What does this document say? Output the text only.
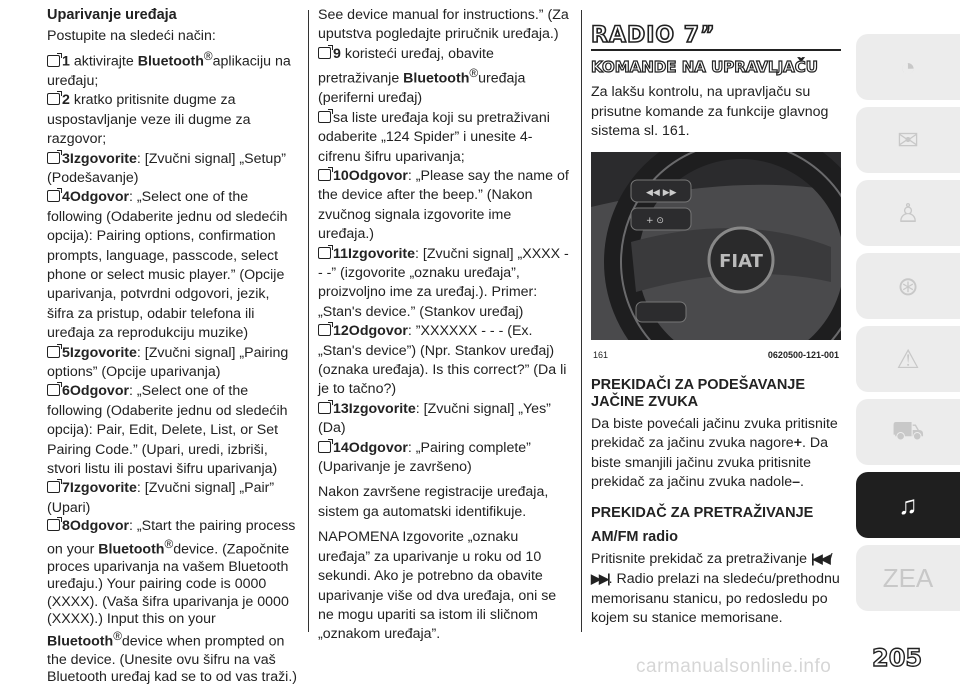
Uparivanje uređaja

Postupite na sledeći način:

1 aktivirajte Bluetooth®aplikaciju na uređaju;

2 kratko pritisnite dugme za uspostavljanje veze ili dugme za razgovor;

3Izgovorite: [Zvučni signal] „Setup” (Podešavanje)

4Odgovor: „Select one of the following (Odaberite jednu od sledećih opcija): Pairing options, confirmation prompts, language, passcode, select phone or select music player.” (Opcije uparivanja, potvrdni odgovori, jezik, šifra za pristup, odabir telefona ili uređaja za reprodukciju muzike)

5Izgovorite: [Zvučni signal] „Pairing options” (Opcije uparivanja)

6Odgovor: „Select one of the following (Odaberite jednu od sledećih opcija): Pair, Edit, Delete, List, or Set Pairing Code.” (Upari, uredi, izbriši, stvori listu ili postavi šifru uparivanja)

7Izgovorite: [Zvučni signal] „Pair” (Upari)

8Odgovor: „Start the pairing process on your Bluetooth®device. (Započnite proces uparivanja na vašem Bluetooth uređaju.) Your pairing code is 0000 (XXXX). (Vaša šifra uparivanja je 0000 (XXXX).) Input this on your Bluetooth®device when prompted on the device. (Unesite ovu šifru na vaš Bluetooth uređaj kad se to od vas traži.)

See device manual for instructions.” (Za uputstva pogledajte priručnik uređaja.)

9 koristeći uređaj, obavite pretraživanje Bluetooth®uređaja (periferni uređaj)

sa liste uređaja koji su pretraživani odaberite „124 Spider” i unesite 4-cifrenu šifru uparivanja;

10Odgovor: „Please say the name of the device after the beep.” (Nakon zvučnog signala izgovorite ime uređaja.)

11Izgovorite: [Zvučni signal] „XXXX - - -” (izgovorite „oznaku uređaja”, proizvoljno ime za uređaj.). Primer: „Stan's device.” (Stankov uređaj)

12Odgovor: ”XXXXXX - - - (Ex. „Stan's device”) (Npr. Stankov uređaj) (oznaka uređaja). Is this correct?” (Da li je to tačno?)

13Izgovorite: [Zvučni signal] „Yes” (Da)

14Odgovor: „Pairing complete” (Uparivanje je završeno)

Nakon završene registracije uređaja, sistem ga automatski identifikuje.

NAPOMENA Izgovorite „oznaku uređaja” za uparivanje u roku od 10 sekundi. Ako je potrebno da obavite uparivanje više od dva uređaja, oni se ne mogu upariti sa istom ili sličnom „oznakom uređaja”.

RADIO 7”
KOMANDE NA UPRAVLJAČU

Za lakšu kontrolu, na upravljaču su prisutne komande za funkcije glavnog sistema sl. 161.

FIAT
◀◀ ▶▶
+ ⊙
161	0620500-121-001

PREKIDAČI ZA PODEŠAVANJE JAČINE ZVUKA

Da biste povećali jačinu zvuka pritisnite prekidač za jačinu zvuka nagore+. Da biste smanjili jačinu zvuka pritisnite prekidač za jačinu zvuka nadole–.

PREKIDAČ ZA PRETRAŽIVANJE

AM/FM radio

Pritisnite prekidač za pretraživanje |◀◀/▶▶|. Radio prelazi na sledeću/prethodnu memorisanu stanicu, po redosledu po kojem su stanice memorisane.

◔
✉
♙
⊛
⚠
⛟
♫
ZEA
205
carmanualsonline.info
